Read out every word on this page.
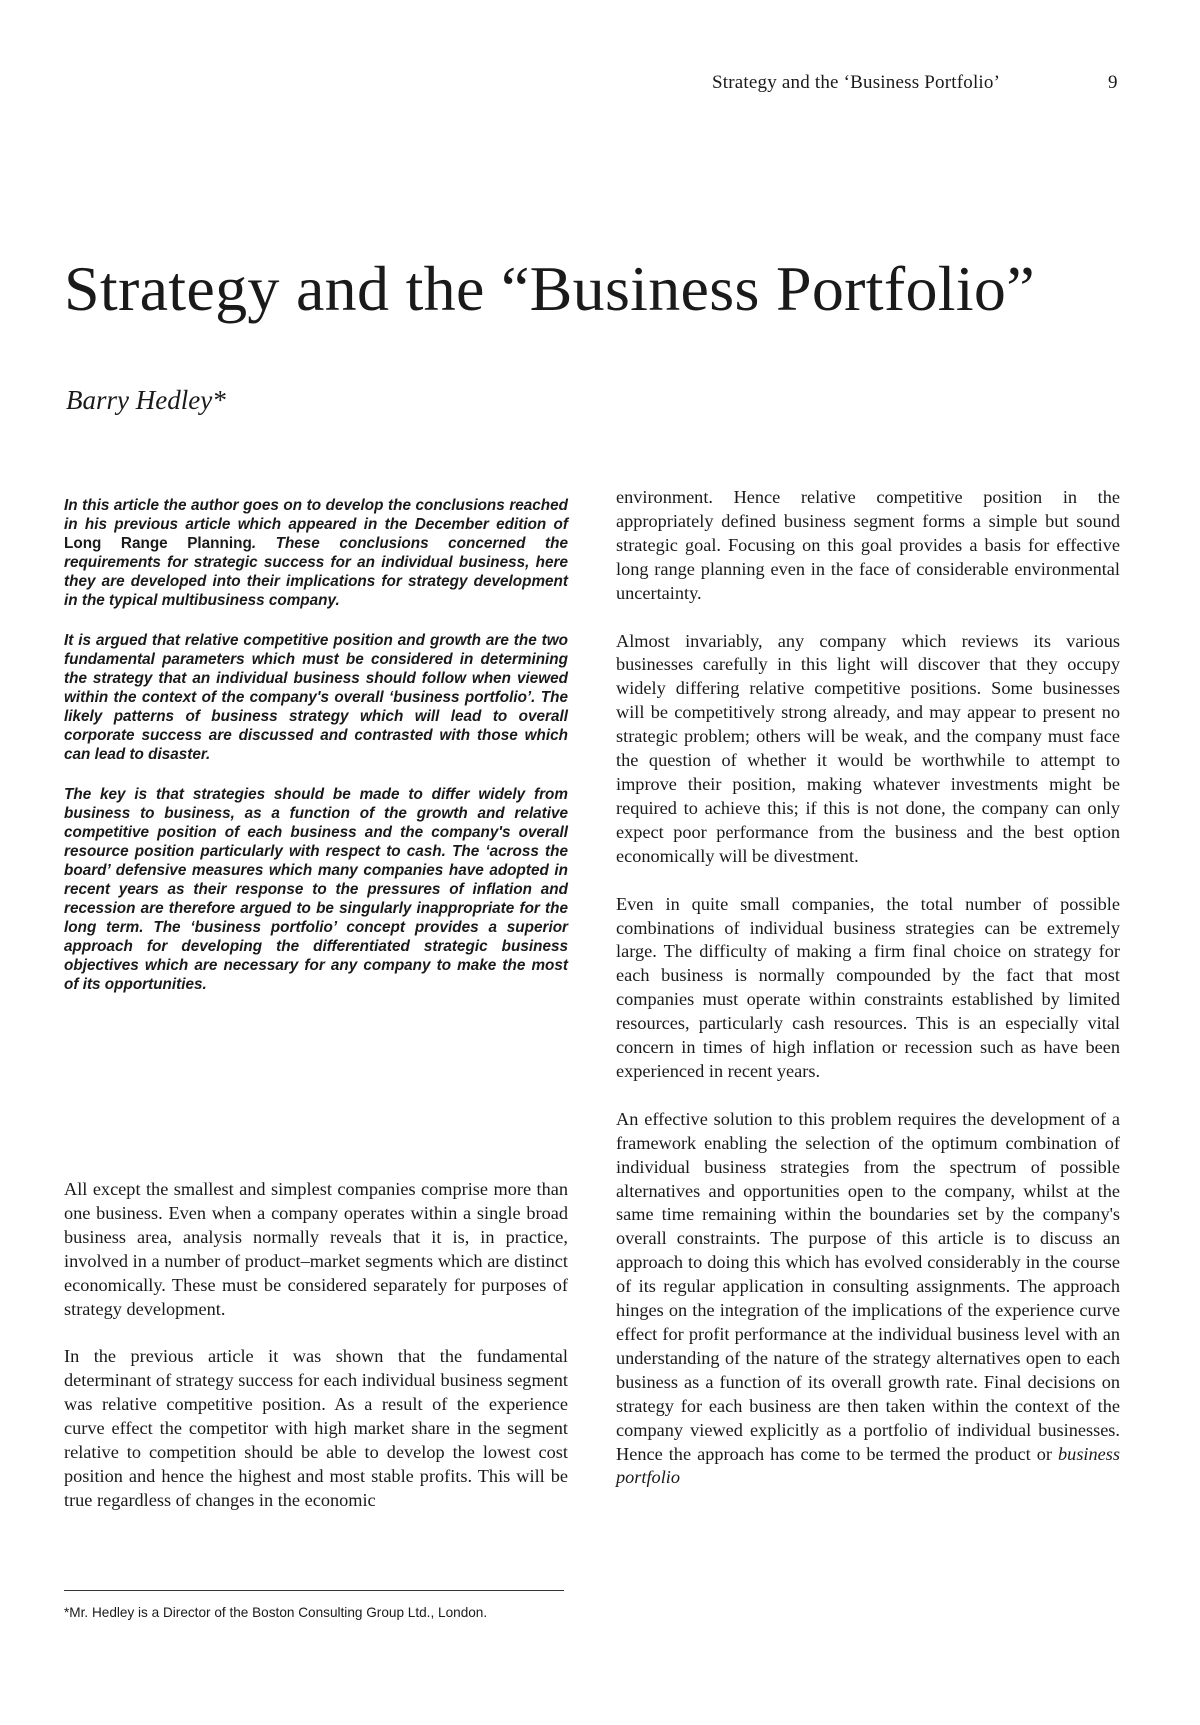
Strategy and the ‘Business Portfolio’	9
Strategy and the “Business Portfolio”
Barry Hedley*

In this article the author goes on to develop the conclusions reached in his previous article which appeared in the December edition of Long Range Planning. These conclusions concerned the requirements for strategic success for an individual business, here they are developed into their implications for strategy development in the typical multibusiness company.

It is argued that relative competitive position and growth are the two fundamental parameters which must be considered in determining the strategy that an individual business should follow when viewed within the context of the company's overall ‘business portfolio’. The likely patterns of business strategy which will lead to overall corporate success are discussed and contrasted with those which can lead to disaster.

The key is that strategies should be made to differ widely from business to business, as a function of the growth and relative competitive position of each business and the company's overall resource position particularly with respect to cash. The ‘across the board’ defensive measures which many companies have adopted in recent years as their response to the pressures of inflation and recession are therefore argued to be singularly inappropriate for the long term. The ‘business portfolio’ concept provides a superior approach for developing the differentiated strategic business objectives which are necessary for any company to make the most of its opportunities.

All except the smallest and simplest companies comprise more than one business. Even when a company operates within a single broad business area, analysis normally reveals that it is, in practice, involved in a number of product–market segments which are distinct economically. These must be considered separately for purposes of strategy development.

In the previous article it was shown that the fundamental determinant of strategy success for each individual business segment was relative competitive position. As a result of the experience curve effect the competitor with high market share in the segment relative to competition should be able to develop the lowest cost position and hence the highest and most stable profits. This will be true regardless of changes in the economic

environment. Hence relative competitive position in the appropriately defined business segment forms a simple but sound strategic goal. Focusing on this goal provides a basis for effective long range planning even in the face of considerable environmental uncertainty.

Almost invariably, any company which reviews its various businesses carefully in this light will discover that they occupy widely differing relative competitive positions. Some businesses will be competitively strong already, and may appear to present no strategic problem; others will be weak, and the company must face the question of whether it would be worthwhile to attempt to improve their position, making whatever investments might be required to achieve this; if this is not done, the company can only expect poor performance from the business and the best option economically will be divestment.

Even in quite small companies, the total number of possible combinations of individual business strategies can be extremely large. The difficulty of making a firm final choice on strategy for each business is normally compounded by the fact that most companies must operate within constraints established by limited resources, particularly cash resources. This is an especially vital concern in times of high inflation or recession such as have been experienced in recent years.

An effective solution to this problem requires the development of a framework enabling the selection of the optimum combination of individual business strategies from the spectrum of possible alternatives and opportunities open to the company, whilst at the same time remaining within the boundaries set by the company's overall constraints. The purpose of this article is to discuss an approach to doing this which has evolved considerably in the course of its regular application in consulting assignments. The approach hinges on the integration of the implications of the experience curve effect for profit performance at the individual business level with an understanding of the nature of the strategy alternatives open to each business as a function of its overall growth rate. Final decisions on strategy for each business are then taken within the context of the company viewed explicitly as a portfolio of individual businesses. Hence the approach has come to be termed the product or business portfolio

*Mr. Hedley is a Director of the Boston Consulting Group Ltd., London.
